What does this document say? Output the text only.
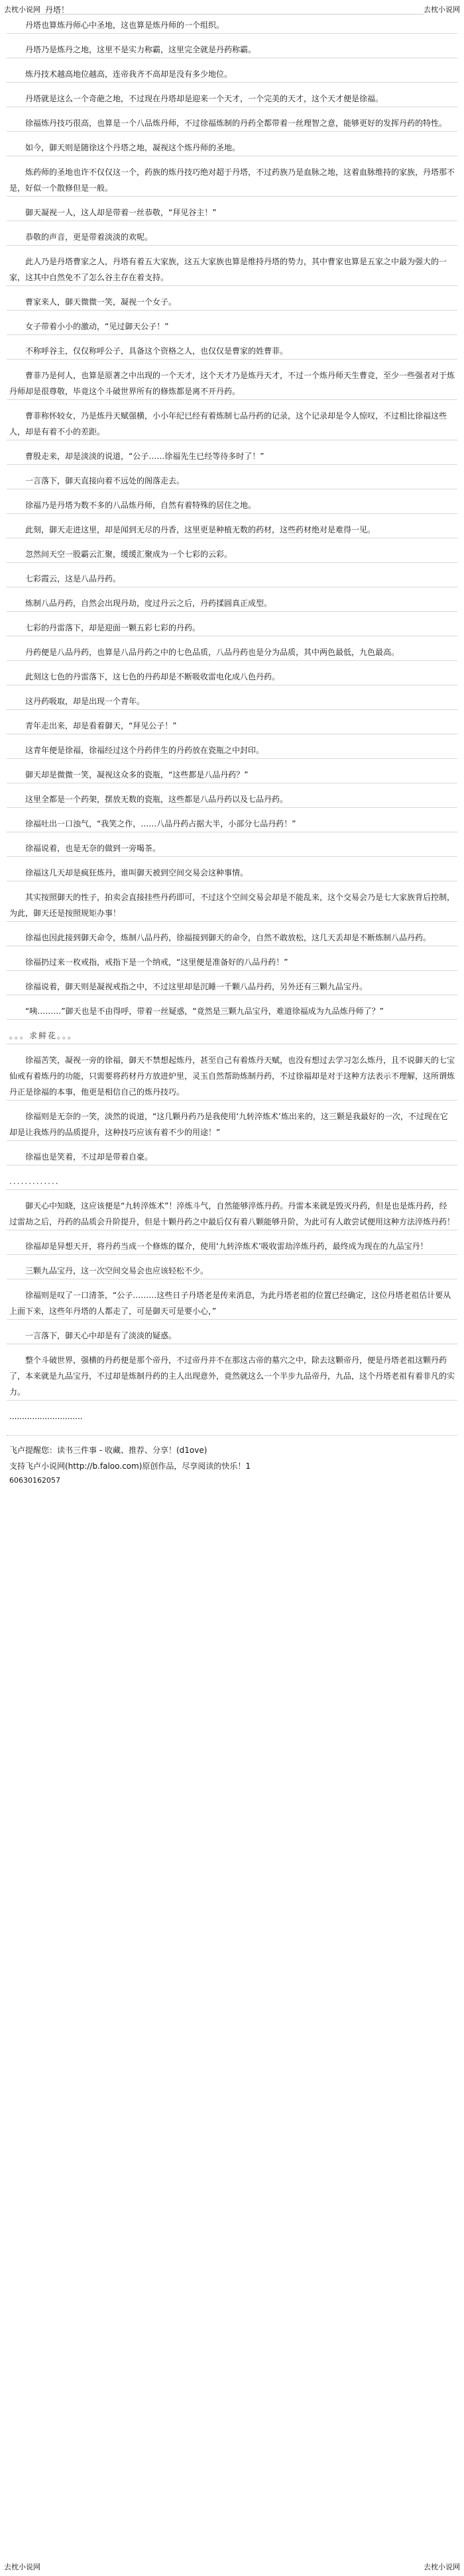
去枕小说网 丹塔！	去枕小说网

丹塔也算炼丹师心中圣地，这也算是炼丹师的一个组织。

丹塔乃是炼丹之地，这里不是实力称霸，这里完全就是丹药称霸。

炼丹技术越高地位越高，连帝我齐不高却是没有多少地位。

丹塔就是这么一个奇葩之地，不过现在丹塔却是迎来一个天才，一个完美的天才，这个天才便是徐福。

徐福炼丹技巧很高，也算是一个八品炼丹师，不过徐福炼制的丹药全都带着一丝理智之意，能够更好的发挥丹药的特性。

如今，御天则是随徐这个丹塔之地，凝视这个炼丹师的圣地。

炼药师的圣地也许不仅仅这一个，药族的炼丹技巧绝对超于丹塔，不过药族乃是血脉之地，这着血脉维持的家族，丹塔那不是，好似一个散修但是一般。

御天凝视一人，这人却是带着一丝恭敬，“拜见谷主！”

恭敬的声音，更是带着淡淡的欢呢。

此人乃是丹塔曹家之人，丹塔有着五大家族，这五大家族也算是维持丹塔的势力，其中曹家也算是五家之中最为强大的一家，这其中自然免不了怎么谷主存在着支持。

曹家来人，御天微微一笑，凝视一个女子。

女子带着小小的激动，“见过御天公子！”

不称呼谷主，仅仅称呼公子，具备这个资格之人，也仅仅是曹家的姓曹菲。

曹菲乃是何人，也算是原著之中出现的一个天才，这个天才乃是炼丹天才，不过一个炼丹师天生曹竞，至少一些强者对于炼丹师却是很尊敬，毕竟这个斗破世界所有的修炼都是离不开丹药。

曹菲称怀较女，乃是炼丹天赋强横，小小年纪已经有着炼制七品丹药的记录，这个记录却是令人惊叹，不过相比徐福这些人，却是有着不小的差距。

曹殷走来，却是淡淡的说道，“公子……徐福先生已经等待多时了！”

一言落下，御天直接向着不远处的阁落走去。

徐福乃是丹塔为数不多的八品炼丹师，自然有着特殊的居住之地。

此刻，御天走进这里，却是闻到无尽的丹香，这里更是种植无数的药材，这些药材绝对是难得一见。

忽然间天空一股霸云汇聚，缓缓汇聚成为一个七彩的云彩。

七彩霞云，这是八品丹药。

炼制八品丹药，自然会出现丹劫，度过丹云之后，丹药揉圆真正成型。

七彩的丹雷落下，却是迎面一颗五彩七彩的丹药。

丹药便是八品丹药，也算是八品丹药之中的七色品质，八品丹药也是分为品质，其中两色最低，九色最高。

此刻这七色的丹雷落下，这七色的丹药却是不断吸收雷电化成八色丹药。

这丹药吸取，却是出现一个青年。

青年走出来，却是看着御天，“拜见公子！”

这青年便是徐福，徐福经过这个丹药伴生的丹药放在瓷瓶之中封印。

御天却是微微一笑，凝视这众多的瓷瓶，“这些都是八品丹药？”

这里全都是一个药架，摆放无数的瓷瓶，这些都是八品丹药以及七品丹药。

徐福吐出一口浊气，“我笑之作，……八品丹药占据大半，小部分七品丹药！”

徐福说着，也是无奈的做到一旁喝茶。

徐福这几天却是疯狂炼丹，谁叫御天被到空间交易会这种事情。

其实按照御天的性子，拍卖会直接挂些丹药即可，不过这个空间交易会却是不能乱来，这个交易会乃是七大家族背后控制，为此，御天还是按照规矩办事！

徐福也因此接到御天命令，炼制八品丹药，徐福接到御天的命令，自然不敢放松，这几天丢却是不断炼制八品丹药。

徐福扔过来一枚戒指，戒指下是一个纳戒，“这里便是准备好的八品丹药！”

徐福说着，御天则是凝视戒指之中，不过这里却是沉睡一千颗八品丹药，另外还有三颗九品宝丹。

“咦………”御天也是不由得呼，带着一丝疑惑，“竟然是三颗九品宝丹，难道徐福成为九品炼丹师了？”

。。。求鲜花。。。

徐福苦笑，凝视一旁的徐福，御天不禁想起炼丹，甚至自己有着炼丹天赋，也没有想过去学习怎么炼丹，且不说御天的七宝仙戒有着炼丹的功能，只需要将药材丹方放进炉里，灵玉自然帮助炼制丹药，不过徐福却是对于这种方法表示不理解，这所谓炼丹正是徐福的本事，他更是相信自己的炼丹技巧。

徐福则是无奈的一笑，淡然的说道，“这几颗丹药乃是我使用‘九转淬炼术’炼出来的，这三颗是我最好的一次，不过现在它却是让我炼丹的品质提升，这种技巧应该有着不少的用途！”

徐福也是笑着，不过却是带着自豪。

.............

御天心中知晓，这应该便是“九转淬炼术”！淬炼斗气，自然能够淬炼丹药。丹雷本来就是毁灭丹药，但是也是炼丹药，经过雷劫之后，丹药的品质会升阶提升，但是十颗丹药之中最后仅有着八颗能够升阶，为此可有人敢尝试便用这种方法淬炼丹药！

徐福却是异想天开，将丹药当成一个修炼的媒介，使用‘九转淬炼术’吸收雷劫淬炼丹药，最终成为现在的九品宝丹！

三颗九品宝丹，这一次空间交易会也应该轻松不少。

徐福则是叹了一口清茶，“公子………这些日子丹塔老是传来消息，为此丹塔老祖的位置已经确定，这位丹塔老祖估计要从上面下来，这些年丹塔的人都走了，可是御天可是要小心，”

一言落下，御天心中却是有了淡淡的疑惑。

整个斗破世界，强横的丹药便是那个帝丹，不过帝丹并不在那这古帝的墓穴之中，除去这颗帝丹，便是丹塔老祖这颗丹药了，本来就是九品宝丹，不过却是炼制丹药的主人出现意外，竟然就这么一个半步九品帝丹，九品，这个丹塔老祖有着非凡的实力。

.............................

飞卢提醒您：读书三件事 - 收藏、推荐、分享！(d1ove)

支持飞卢小说网(http://b.faloo.com)原创作品，尽享阅读的快乐！1

60630162057

去枕小说网	去枕小说网
